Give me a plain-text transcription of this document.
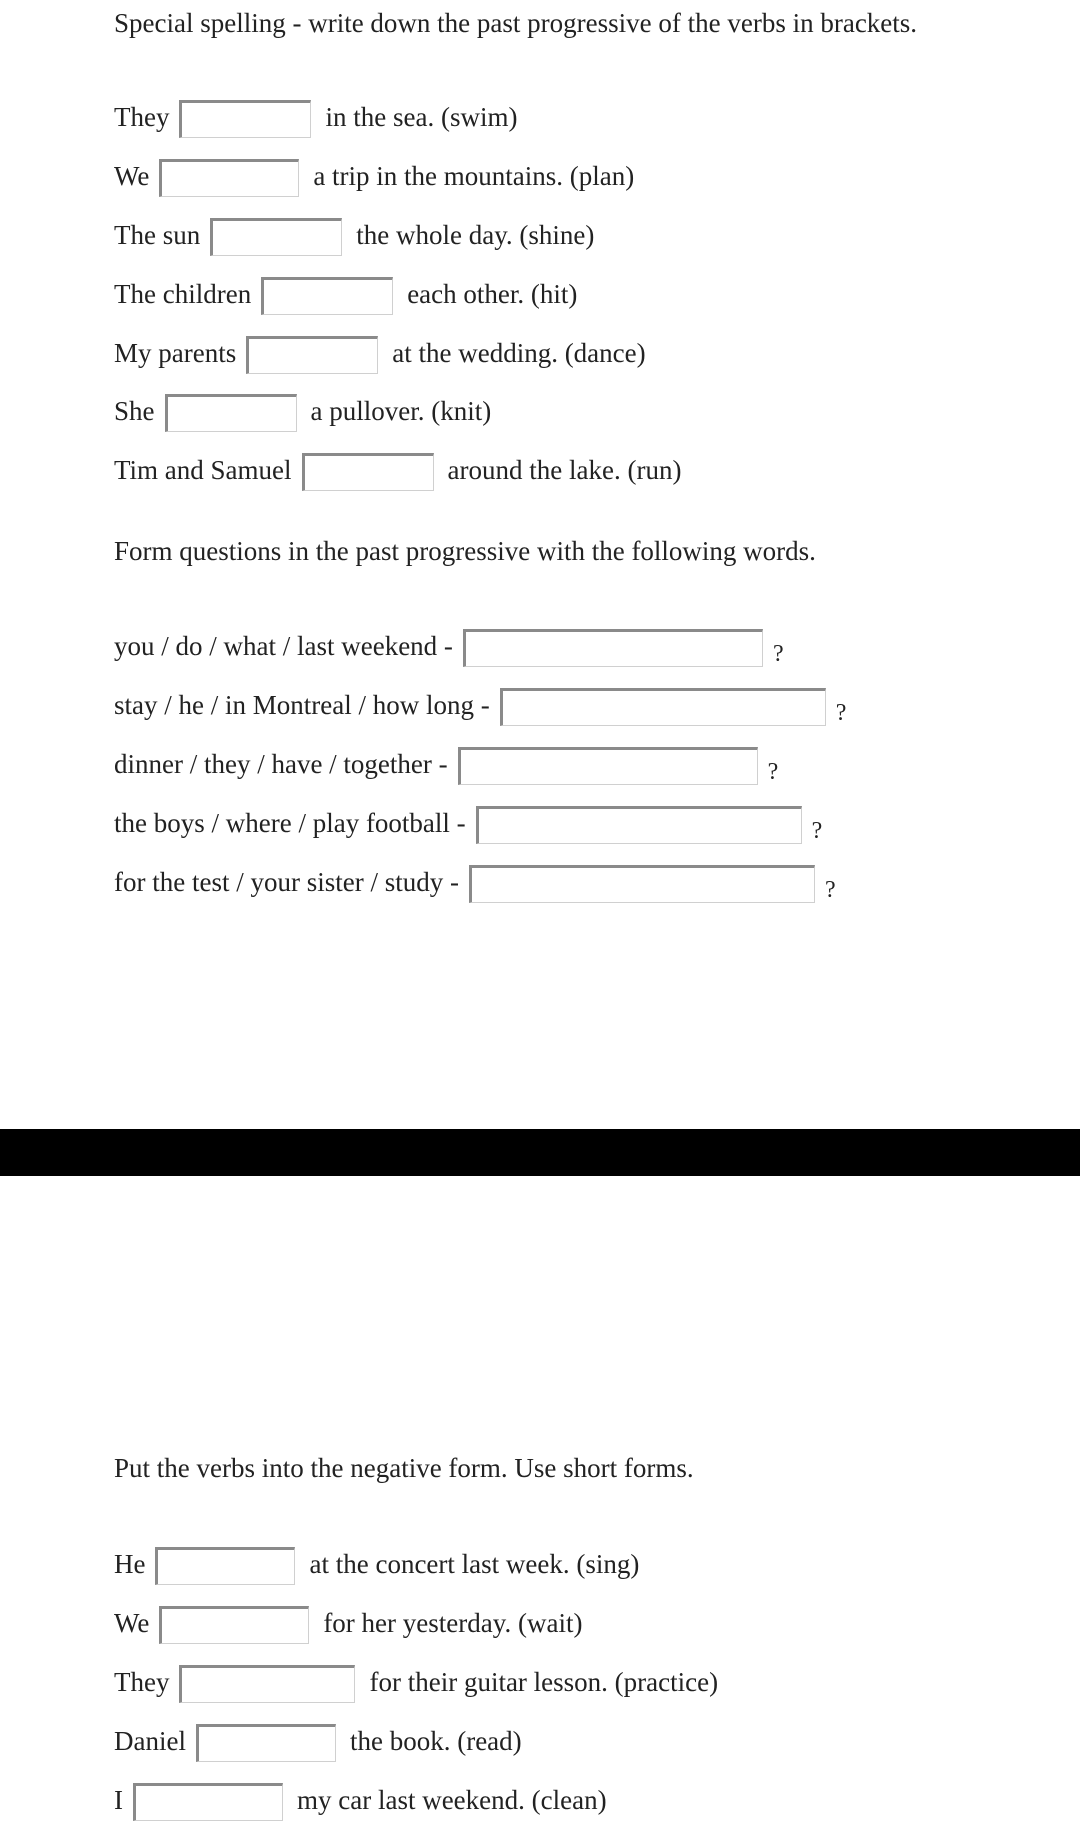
Special spelling - write down the past progressive of the verbs in brackets.
They	in the sea. (swim)
We	a trip in the mountains. (plan)
The sun	the whole day. (shine)
The children	each other. (hit)
My parents	at the wedding. (dance)
She	a pullover. (knit)
Tim and Samuel	around the lake. (run)
Form questions in the past progressive with the following words.
you / do / what / last weekend -	?
stay / he / in Montreal / how long -	?
dinner / they / have / together -	?
the boys / where / play football -	?
for the test / your sister / study -	?
Put the verbs into the negative form. Use short forms.
He	at the concert last week. (sing)
We	for her yesterday. (wait)
They	for their guitar lesson. (practice)
Daniel	the book. (read)
I	my car last weekend. (clean)
